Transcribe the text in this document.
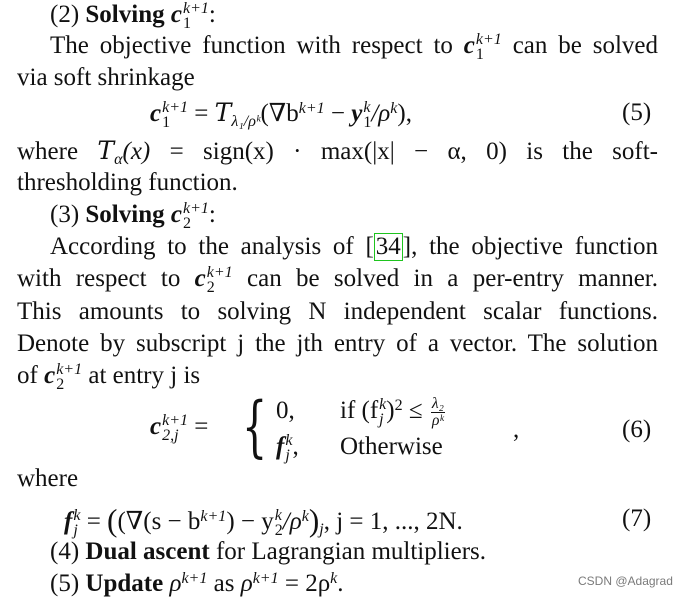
(2) Solving c k+1
1 :
The objective function with respect to c k+1
1	can be solved
via soft shrinkage
c k+1
1 = Tλ₁/$\rho ᵏ(\nabla b^{k+1} - y$ k
1 $/\rho^k$),	(5)
where Tα(x) = sign(x) · max(|x| − α, 0) is the soft-
thresholding function.
(3) Solving c k+1
2 :
According to the analysis of [34], the objective function
with respect to c k+1
2	can be solved in a per-entry manner.
This amounts to solving N independent scalar functions.
Denote by subscript j the jth entry of a vector. The solution
of c k+1
2 at entry j is
c k+1
2,j = { 0, if (f k
j )$^2 \le \frac{\text{λ₂}}{\text{ρᵏ}}$
f k
j , Otherwise
,	(6)
where
f k
$j = ((\nabla(s - b^{k+1}) - y$ k
2 $/\rho^k)j$, j = 1, ..., 2N.	(7)
(4) Dual ascent for Lagrangian multipliers.
(5) Update $\rho^{k+1}$ as $\rho^{k+1} = 2\rho^k$.	CSDN @Adagrad
